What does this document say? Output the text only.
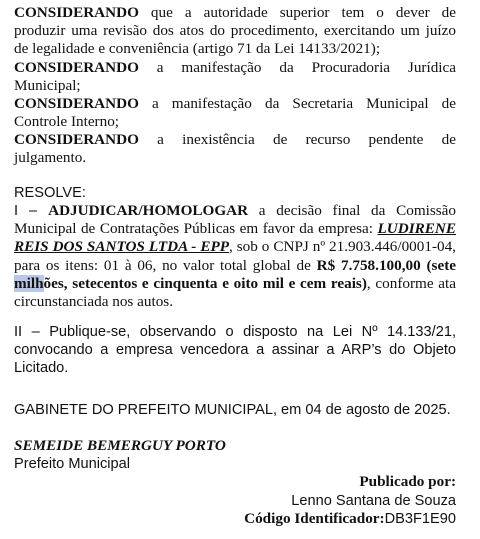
CONSIDERANDO que a autoridade superior tem o dever de
produzir uma revisão dos atos do procedimento, exercitando um juízo de legalidade e conveniência (artigo 71 da Lei 14133/2021);

CONSIDERANDO a manifestação da Procuradoria Jurídica
Municipal;

CONSIDERANDO a manifestação da Secretaria Municipal de
Controle Interno;

CONSIDERANDO a inexistência de recurso pendente de
julgamento.

RESOLVE:

I – ADJUDICAR/HOMOLOGAR a decisão final da Comissão Municipal de Contratações Públicas em favor da empresa: LUDIRENE REIS DOS SANTOS LTDA - EPP, sob o CNPJ nº 21.903.446/0001-04, para os itens: 01 à 06, no valor total global de R$ 7.758.100,00 (sete milhões, setecentos e cinquenta e oito mil e cem reais), conforme ata circunstanciada nos autos.

II – Publique-se, observando o disposto na Lei Nº 14.133/21, convocando a empresa vencedora a assinar a ARP’s do Objeto Licitado.

GABINETE DO PREFEITO MUNICIPAL, em 04 de agosto de 2025.

SEMEIDE BEMERGUY PORTO

Prefeito Municipal

Publicado por:

Lenno Santana de Souza

Código Identificador:DB3F1E90
